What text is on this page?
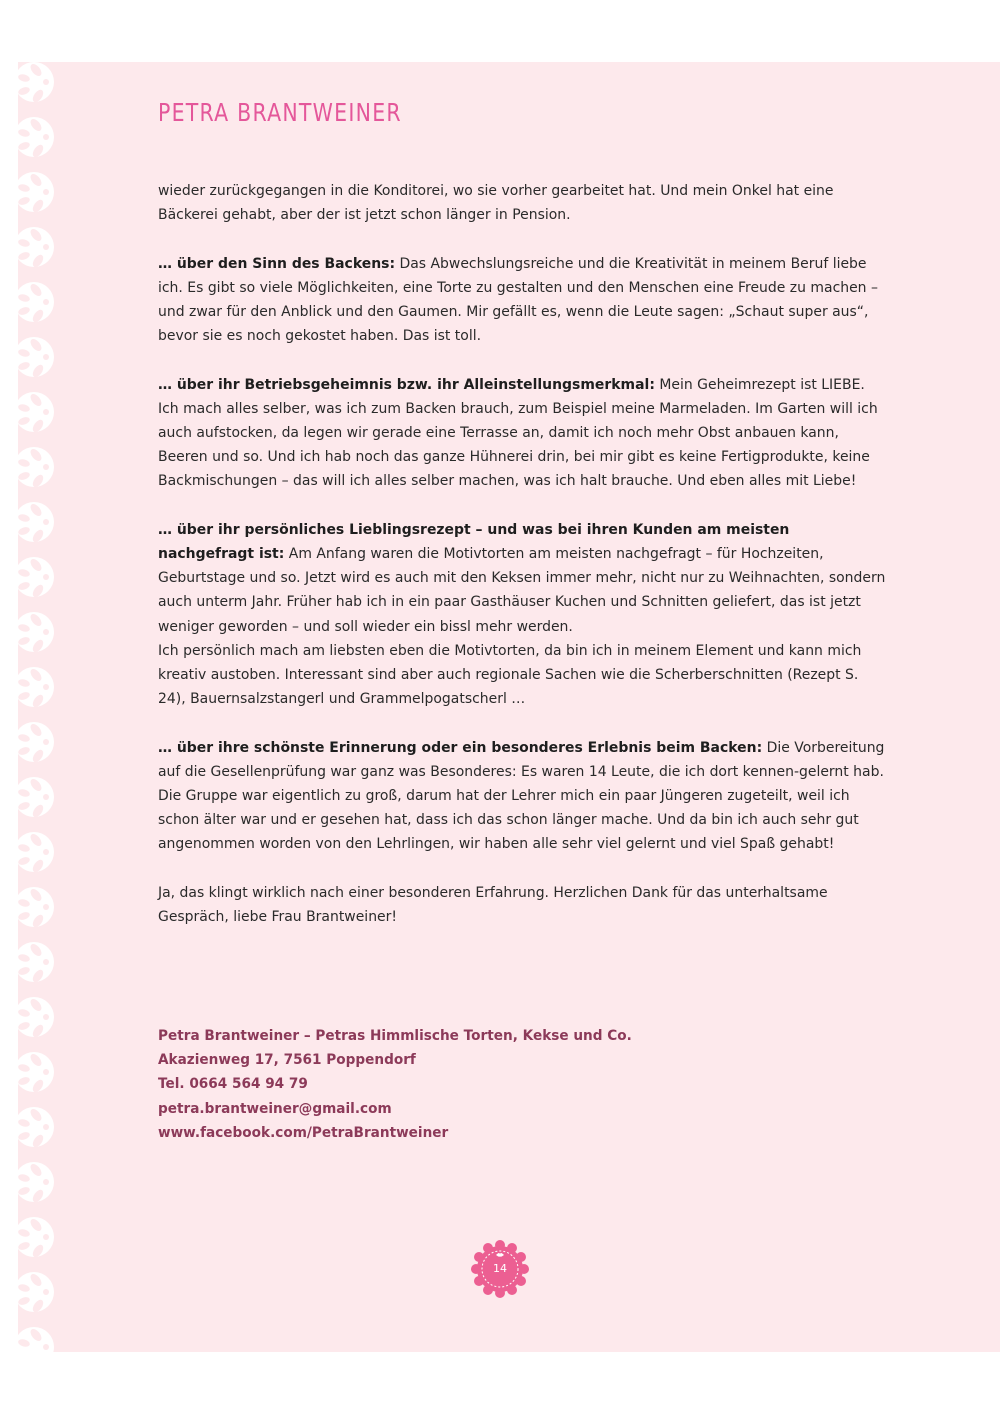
PETRA BRANTWEINER

wieder zurückgegangen in die Konditorei, wo sie vorher gearbeitet hat. Und mein Onkel hat eine Bäckerei gehabt, aber der ist jetzt schon länger in Pension.

… über den Sinn des Backens: Das Abwechslungsreiche und die Kreativität in meinem Beruf liebe ich. Es gibt so viele Möglichkeiten, eine Torte zu gestalten und den Menschen eine Freude zu machen – und zwar für den Anblick und den Gaumen. Mir gefällt es, wenn die Leute sagen: „Schaut super aus“, bevor sie es noch gekostet haben. Das ist toll.

… über ihr Betriebsgeheimnis bzw. ihr Alleinstellungsmerkmal: Mein Geheimrezept ist LIEBE. Ich mach alles selber, was ich zum Backen brauch, zum Beispiel meine Marmeladen. Im Garten will ich auch aufstocken, da legen wir gerade eine Terrasse an, damit ich noch mehr Obst anbauen kann, Beeren und so. Und ich hab noch das ganze Hühnerei drin, bei mir gibt es keine Fertigprodukte, keine Backmischungen – das will ich alles selber machen, was ich halt brauche. Und eben alles mit Liebe!

… über ihr persönliches Lieblingsrezept – und was bei ihren Kunden am meisten nachgefragt ist: Am Anfang waren die Motivtorten am meisten nachgefragt – für Hochzeiten, Geburtstage und so. Jetzt wird es auch mit den Keksen immer mehr, nicht nur zu Weihnachten, sondern auch unterm Jahr. Früher hab ich in ein paar Gasthäuser Kuchen und Schnitten geliefert, das ist jetzt weniger geworden – und soll wieder ein bissl mehr werden.

Ich persönlich mach am liebsten eben die Motivtorten, da bin ich in meinem Element und kann mich kreativ austoben. Interessant sind aber auch regionale Sachen wie die Scherberschnitten (Rezept S. 24), Bauernsalzstangerl und Grammelpogatscherl …

… über ihre schönste Erinnerung oder ein besonderes Erlebnis beim Backen: Die Vorbereitung auf die Gesellenprüfung war ganz was Besonderes: Es waren 14 Leute, die ich dort kennen-gelernt hab. Die Gruppe war eigentlich zu groß, darum hat der Lehrer mich ein paar Jüngeren zugeteilt, weil ich schon älter war und er gesehen hat, dass ich das schon länger mache. Und da bin ich auch sehr gut angenommen worden von den Lehrlingen, wir haben alle sehr viel gelernt und viel Spaß gehabt!

Ja, das klingt wirklich nach einer besonderen Erfahrung. Herzlichen Dank für das unterhaltsame Gespräch, liebe Frau Brantweiner!

Petra Brantweiner – Petras Himmlische Torten, Kekse und Co.
Akazienweg 17, 7561 Poppendorf
Tel. 0664 564 94 79
petra.brantweiner@gmail.com
www.facebook.com/PetraBrantweiner
14
